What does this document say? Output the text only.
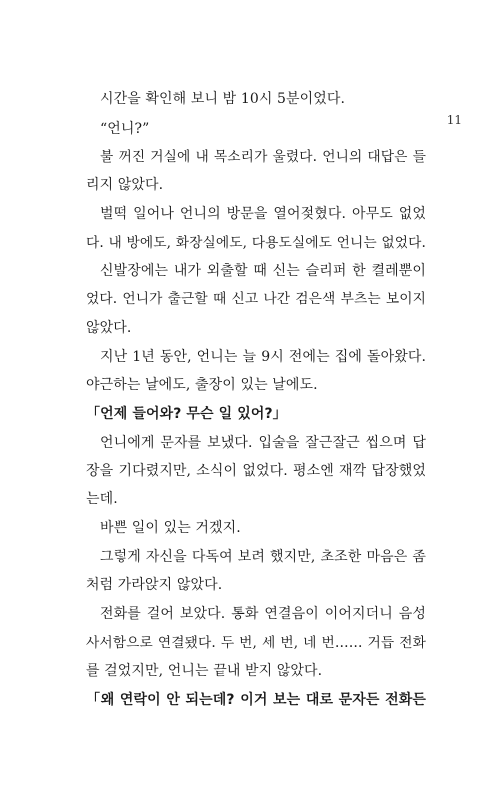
11
시간을 확인해 보니 밤 10시 5분이었다.
“언니?”
불 꺼진 거실에 내 목소리가 울렸다. 언니의 대답은 들
리지 않았다.
벌떡 일어나 언니의 방문을 열어젖혔다. 아무도 없었
다. 내 방에도, 화장실에도, 다용도실에도 언니는 없었다.
신발장에는 내가 외출할 때 신는 슬리퍼 한 켤레뿐이
었다. 언니가 출근할 때 신고 나간 검은색 부츠는 보이지
않았다.
지난 1년 동안, 언니는 늘 9시 전에는 집에 돌아왔다.
야근하는 날에도, 출장이 있는 날에도.
「언제 들어와? 무슨 일 있어?」
언니에게 문자를 보냈다. 입술을 잘근잘근 씹으며 답
장을 기다렸지만, 소식이 없었다. 평소엔 재깍 답장했었
는데.
바쁜 일이 있는 거겠지.
그렇게 자신을 다독여 보려 했지만, 초조한 마음은 좀
처럼 가라앉지 않았다.
전화를 걸어 보았다. 통화 연결음이 이어지더니 음성
사서함으로 연결됐다. 두 번, 세 번, 네 번…… 거듭 전화
를 걸었지만, 언니는 끝내 받지 않았다.
「왜 연락이 안 되는데? 이거 보는 대로 문자든 전화든
